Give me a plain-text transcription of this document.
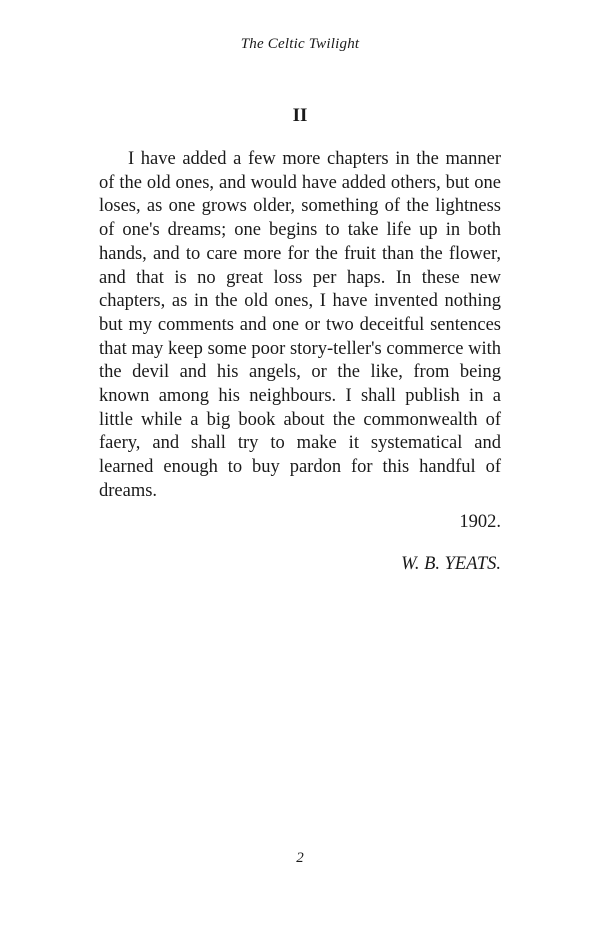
The Celtic Twilight
II

I have added a few more chapters in the manner of the old ones, and would have added others, but one loses, as one grows older, something of the lightness of one's dreams; one begins to take life up in both hands, and to care more for the fruit than the flower, and that is no great loss per haps. In these new chapters, as in the old ones, I have invented nothing but my comments and one or two deceitful sentences that may keep some poor story-teller's commerce with the devil and his angels, or the like, from being known among his neighbours. I shall publish in a little while a big book about the commonwealth of faery, and shall try to make it systematical and learned enough to buy pardon for this handful of dreams.

1902.
W. B. YEATS.
2
